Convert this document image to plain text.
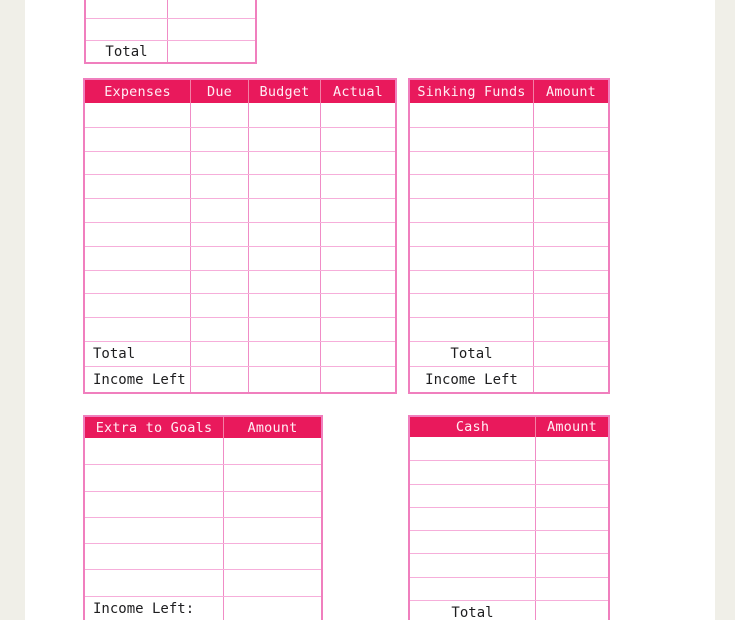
Total
Expenses	Due	Budget	Actual
Total
Income Left
Sinking Funds	Amount
Total
Income Left
Extra to Goals	Amount
Income Left:
Cash	Amount
Total
